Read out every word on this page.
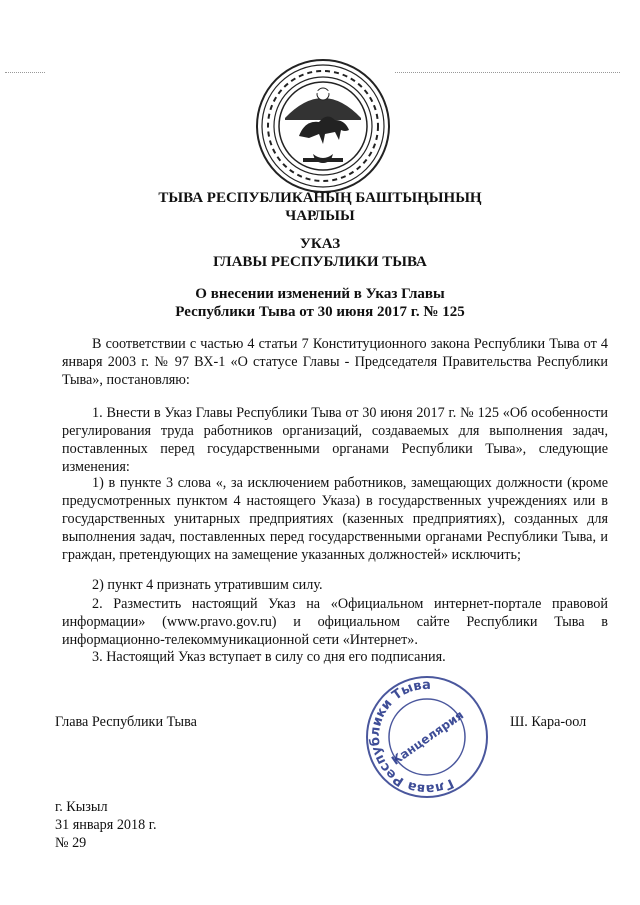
ТЫВА РЕСПУБЛИКАНЫҢ БАШТЫҢЫНЫҢ
ЧАРЛЫЫ
УКАЗ
ГЛАВЫ РЕСПУБЛИКИ ТЫВА
О внесении изменений в Указ Главы
Республики Тыва от 30 июня 2017 г. № 125
В соответствии с частью 4 статьи 7 Конституционного закона Республики Тыва от 4 января 2003 г. № 97 ВХ-1 «О статусе Главы - Председателя Правительства Республики Тыва», постановляю:
1. Внести в Указ Главы Республики Тыва от 30 июня 2017 г. № 125 «Об особенности регулирования труда работников организаций, создаваемых для выполнения задач, поставленных перед государственными органами Республики Тыва», следующие изменения:
1) в пункте 3 слова «, за исключением работников, замещающих должности (кроме предусмотренных пунктом 4 настоящего Указа) в государственных учреждениях или в государственных унитарных предприятиях (казенных предприятиях), созданных для выполнения задач, поставленных перед государственными органами Республики Тыва, и граждан, претендующих на замещение указанных должностей» исключить;
2) пункт 4 признать утратившим силу.
2. Разместить настоящий Указ на «Официальном интернет-портале правовой информации» (www.pravo.gov.ru) и официальном сайте Республики Тыва в информационно-телекоммуникационной сети «Интернет».
3. Настоящий Указ вступает в силу со дня его подписания.
Глава Республики Тыва
Канцелярия
Глава Республики Тыва	Ш. Кара-оол
г. Кызыл
31 января 2018 г.
№ 29
